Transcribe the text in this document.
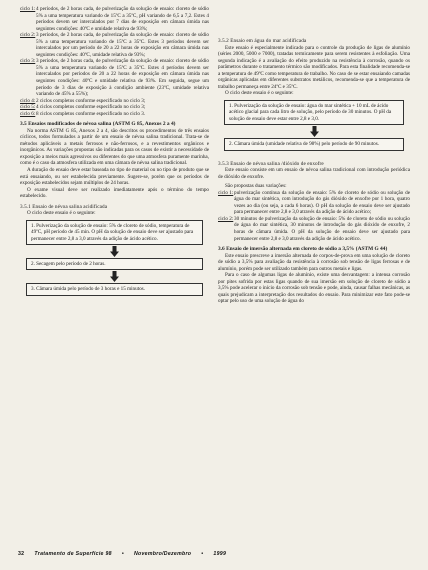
ciclo 1: 4 períodos, de 2 horas cada, de pulverização da solução de ensaio: cloreto de sódio 5% a uma temperatura variando de 15ºC a 35ºC, pH variando de 6,5 a 7,2. Estes 4 períodos devem ser intercalados por 7 dias de exposição em câmara úmida nas seguintes condições: 40ºC e umidade relativa de 93%;
ciclo 2: 3 períodos, de 2 horas cada, de pulverização da solução de ensaio: cloreto de sódio 5% a uma temperatura variando de 15ºC a 35ºC. Estes 3 períodos devem ser intercalados por um período de 20 a 22 horas de exposição em câmara úmida nas seguintes condições: 40ºC, umidade relativa de 93%;
ciclo 3: 3 períodos, de 2 horas cada, de pulverização da solução de ensaio: cloreto de sódio 5% a uma temperatura variando de 15ºC a 35ºC. Estes 4 períodos devem ser intercalados por períodos de 20 a 22 horas de exposição em câmara úmida nas seguintes condições: 40ºC e umidade relativa de 93%. Em seguida, segue um período de 3 dias de exposição à condição ambiente (23ºC, umidade relativa variando de 45% a 55%);
ciclo 4: 2 ciclos completos conforme especificado no ciclo 3;
ciclo 5: 4 ciclos completos conforme especificado no ciclo 3;
ciclo 6: 8 ciclos completos conforme especificado no ciclo 3.
3.5 Ensaios modificados de névoa salina (ASTM G 85, Anexos 2 a 4)

Na norma ASTM G 85, Anexos 2 a 4, são descritos os procedimentos de três ensaios cíclicos, todos formulados a partir de um ensaio de névoa salina tradicional. Trata-se de métodos aplicáveis a metais ferrosos e não-ferrosos, e a revestimentos orgânicos e inorgânicos. As variações propostas são indicadas para os casos de existir a necessidade de exposição a meios mais agressivos ou diferentes do que uma atmosfera puramente marinha, como é o caso da atmosfera utilizada em uma câmara de névoa salina tradicional.

A duração do ensaio deve estar baseada no tipo de material ou no tipo de produto que se está ensaiando, ou ser estabelecida previamente. Sugere-se, porém que os períodos de exposição estabelecidos sejam múltiplos de 24 horas.

O exame visual deve ser realizado imediatamente após o término do tempo estabelecido.

3.5.1 Ensaio de névoa salina acidificada

O ciclo deste ensaio é o seguinte:

1. Pulverização da solução de ensaio: 5% de cloreto de sódio, temperatura de 49ºC, pH período de 45 min. O pH da solução de ensaio deve ser ajustado para permanecer entre 2,8 a 3,0 através da adição de ácido acético.
2. Secagem pelo período de 2 horas.
3. Câmara úmida pelo período de 3 horas e 15 minutos.
3.5.2 Ensaio em água do mar acidificada

Este ensaio é especialmente indicado para o controle da produção de ligas de alumínio (séries 2000, 5000 e 7000), tratadas termicamente para serem resistentes à esfoliação. Uma segunda indicação é a avaliação do efeito produzido na resistência à corrosão, quando os parâmetros durante o tratamento térmico são modificados. Para esta finalidade recomenda-se a temperatura de 49ºC como temperatura de trabalho. No caso de se estar ensaiando camadas orgânicas aplicadas em diferentes substratos metálicos, recomenda-se que a temperatura de trabalho permaneça entre 24ºC e 35ºC.

O ciclo deste ensaio é o seguinte:

1. Pulverização da solução de ensaio: água do mar sintética + 10 mL de ácido acético glacial para cada litro de solução, pelo período de 30 minutos. O pH da solução de ensaio deve estar entre 2,8 e 3,0.
2. Câmara úmida (umidade relativa de 98%) pelo período de 90 minutos.
3.5.3 Ensaio de névoa salina /dióxido de enxofre

Este ensaio consiste em um ensaio de névoa salina tradicional com introdução periódica de dióxido de enxofre.

São propostas duas variações:

ciclo 1: pulverização contínua da solução de ensaio: 5% de cloreto de sódio ou solução de água do mar sintética, com introdução do gás dióxido de enxofre por 1 hora, quatro vezes ao dia (ou seja, a cada 6 horas). O pH da solução de ensaio deve ser ajustado para permanecer entre 2,8 e 3,0 através da adição de ácido acético;
ciclo 2: 30 minutos de pulverização da solução de ensaio: 5% de cloreto de sódio ou solução de água do mar sintética, 30 minutos de introdução do gás dióxido de enxofre, 2 horas de câmara úmida. O pH da solução de ensaio deve ser ajustado para permanecer entre 2,8 e 3,0 através da adição de ácido acético.
3.6 Ensaio de imersão alternada em cloreto de sódio a 3,5% (ASTM G 44)

Este ensaio prescreve a imersão alternada de corpos-de-prova em uma solução de cloreto de sódio a 3,5% para avaliação da resistência à corrosão sob tensão de ligas ferrosas e de alumínio, porém pode ser utilizado também para outros metais e ligas.

Para o caso de algumas ligas de alumínio, existe uma desvantagem: a intensa corrosão por pites sofrida por estas ligas quando de sua imersão em solução de cloreto de sódio a 3,5% pode acelerar o início da corrosão sob tensão e pode, ainda, causar falhas mecânicas, as quais prejudicam a interpretação dos resultados do ensaio. Para minimizar este fato pode-se optar pelo uso de uma solução de água do

32 Tratamento de Superfície 98 • Novembro/Dezembro • 1999
